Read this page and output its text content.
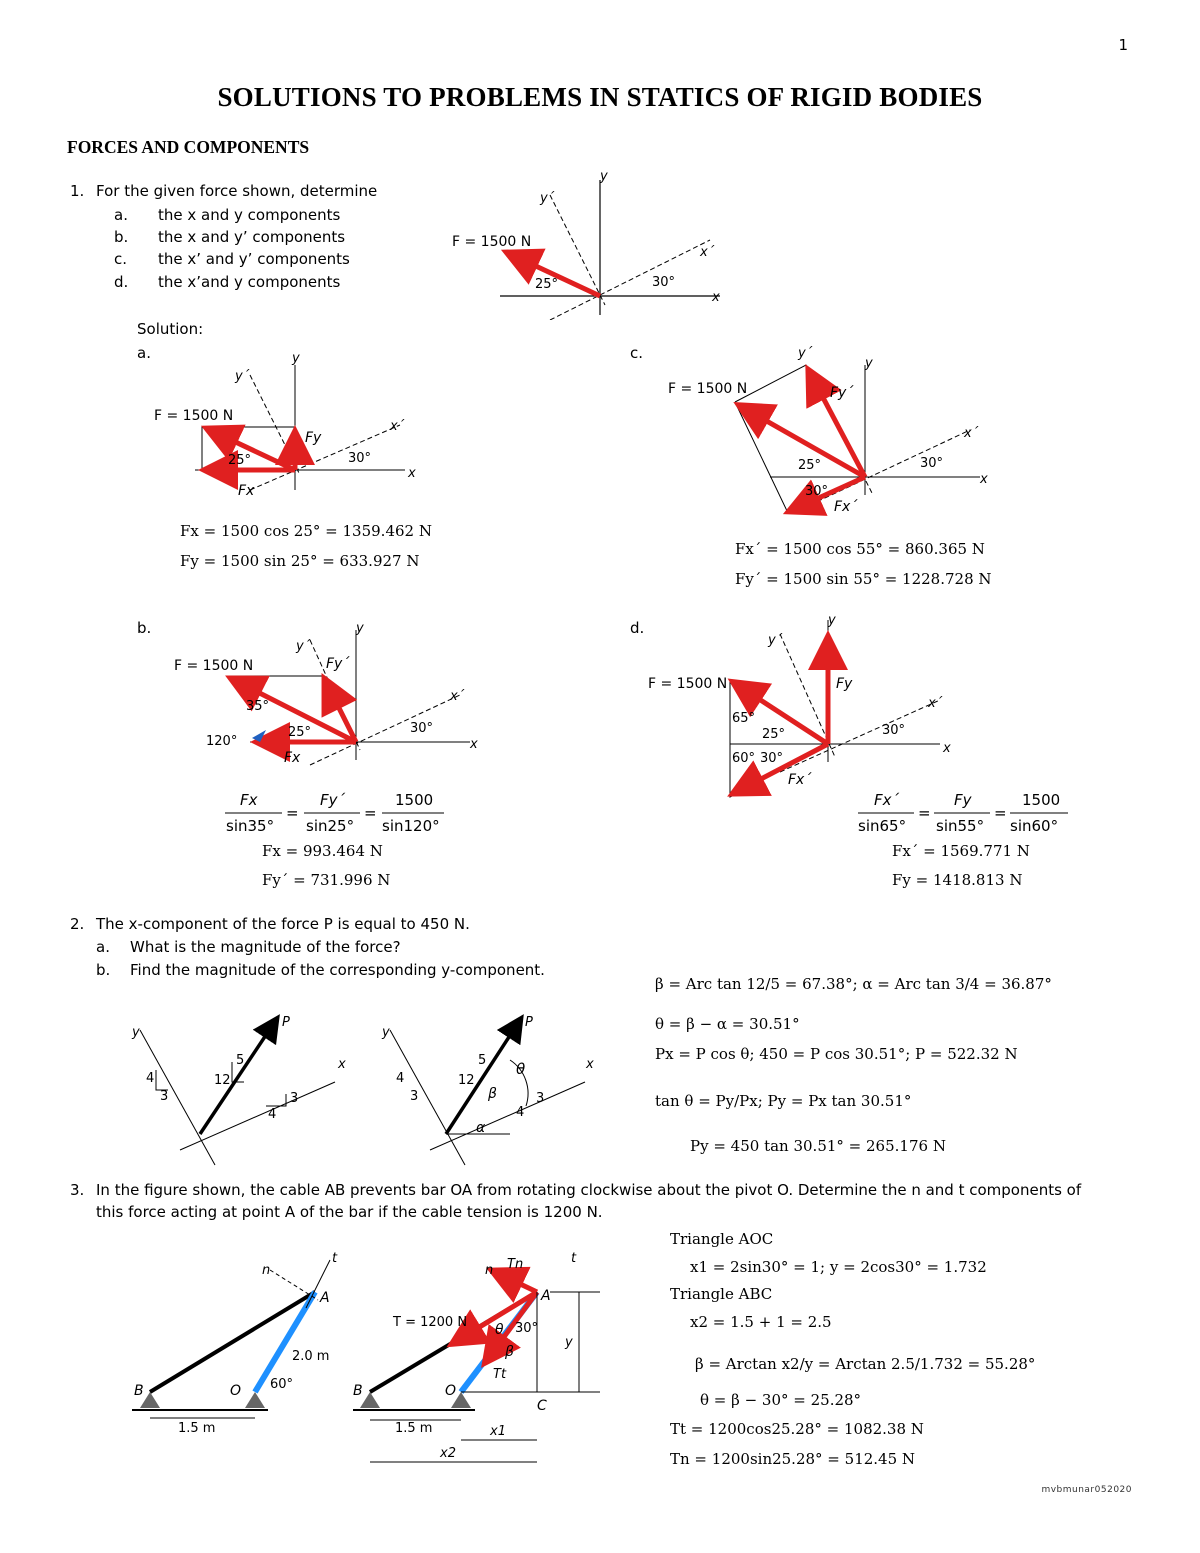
1
SOLUTIONS TO PROBLEMS IN STATICS OF RIGID BODIES
FORCES AND COMPONENTS
1. For the given force shown, determine
a. the x and y components
b. the x and y’ components
c. the x’ and y’ components
d. the x’and y components
F = 1500 N
25°	30°
x
y
x´
y´
Solution:
a.
F = 1500 N
25°	30°
Fy
Fx
x
y
x´
y´
Fx = 1500 cos 25° = 1359.462 N
Fy = 1500 sin 25° = 633.927 N
c.
F = 1500 N
25°
30°
30°
Fy´
Fx´
x
y
x´
y´
Fx´ = 1500 cos 55° = 860.365 N
Fy´ = 1500 sin 55° = 1228.728 N
b.
F = 1500 N
35°
120°
25°	30°
Fy´
Fx
x
y
x´
y´
Fx	Fy´	1500
=	=
sin35° sin25° sin120°
Fx = 993.464 N
Fy´ = 731.996 N
d.
F = 1500 N
65°
25°
60° 30°
30°
Fy
Fx´
x
y
x´
y´
Fx´	Fy	1500
=	=
sin65° sin55° sin60°
Fx´ = 1569.771 N
Fy = 1418.813 N
2. The x-component of the force P is equal to 450 N.
a. What is the magnitude of the force?
b. Find the magnitude of the corresponding y-component.
y
x
P
5
12
4
3
4
3
y
x
P
5
12
θ
β
α
4
3
4
3
β = Arc tan 12/5 = 67.38°; α = Arc tan 3/4 = 36.87°
θ = β − α = 30.51°
Px = P cos θ; 450 = P cos 30.51°; P = 522.32 N
tan θ = Py/Px; Py = Px tan 30.51°
Py = 450 tan 30.51° = 265.176 N
3. In the figure shown, the cable AB prevents bar OA from rotating clockwise about the pivot O. Determine the n and t components of
this force acting at point A of the bar if the cable tension is 1200 N.
n
t
A
B	O
2.0 m
60°
1.5 m
T = 1200 N
Tn
Tt
n
t
A
B	O
C
30°
θ
β
y
1.5 m	x1
x2
Triangle AOC
x1 = 2sin30° = 1; y = 2cos30° = 1.732
Triangle ABC
x2 = 1.5 + 1 = 2.5
β = Arctan x2/y = Arctan 2.5/1.732 = 55.28°
θ = β − 30° = 25.28°
Tt = 1200cos25.28° = 1082.38 N
Tn = 1200sin25.28° = 512.45 N
mvbmunar052020
